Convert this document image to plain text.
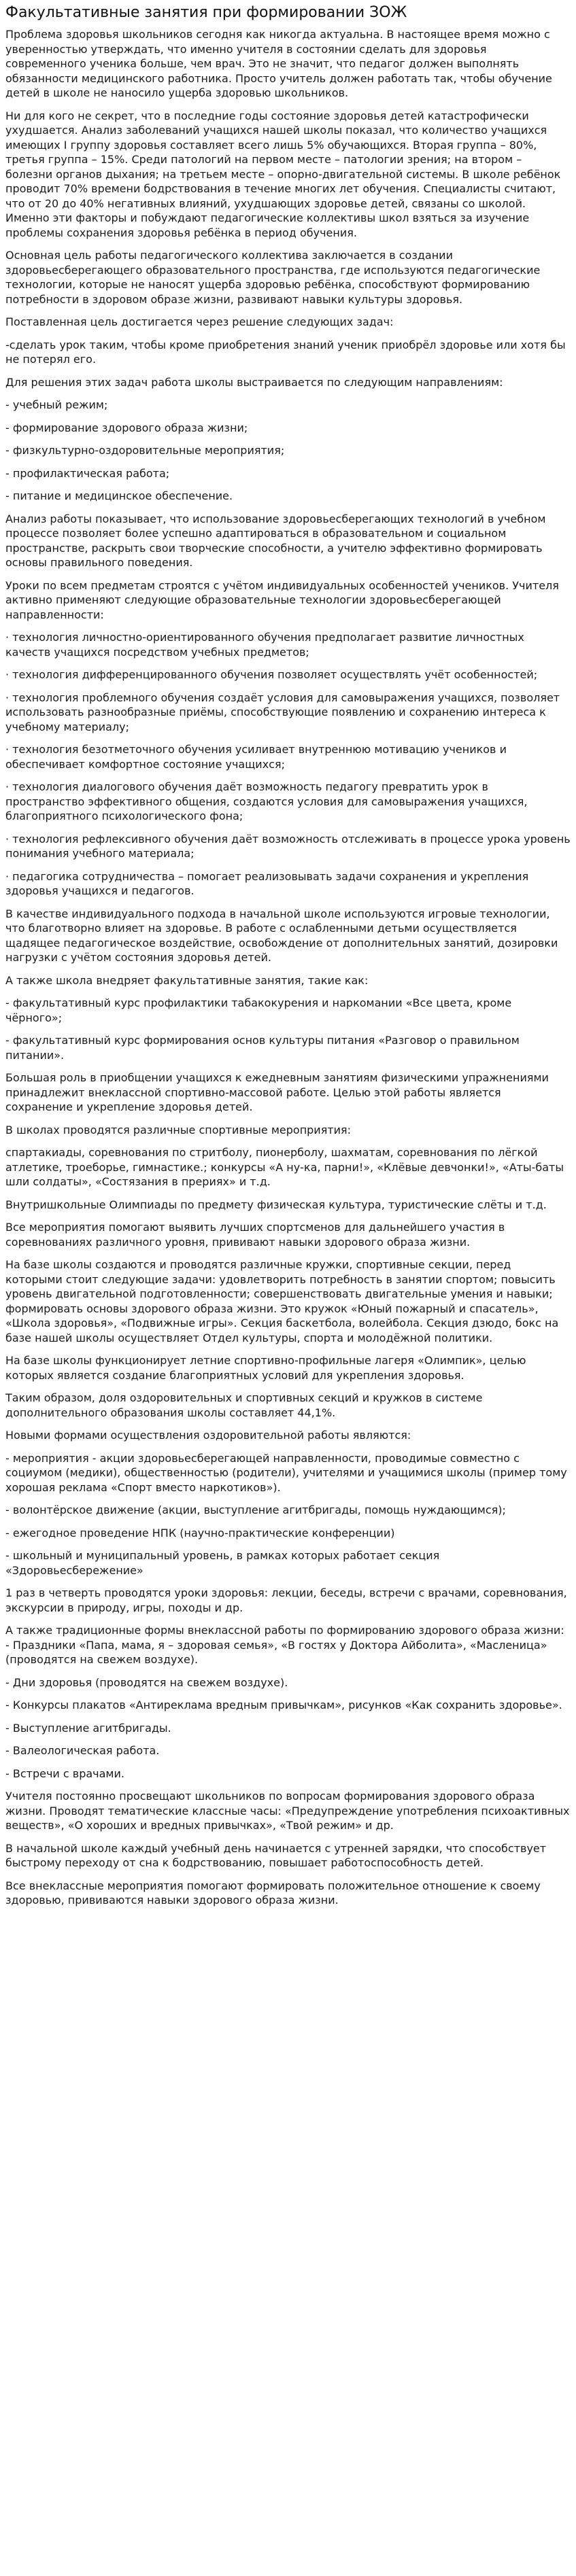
Факультативные занятия при формировании ЗОЖ

Проблема здоровья школьников сегодня как никогда актуальна. В настоящее время можно с уверенностью утверждать, что именно учителя в состоянии сделать для здоровья современного ученика больше, чем врач. Это не значит, что педагог должен выполнять обязанности медицинского работника. Просто учитель должен работать так, чтобы обучение детей в школе не наносило ущерба здоровью школьников.

Ни для кого не секрет, что в последние годы состояние здоровья детей катастрофически ухудшается. Анализ заболеваний учащихся нашей школы показал, что количество учащихся имеющих I группу здоровья составляет всего лишь 5% обучающихся. Вторая группа – 80%, третья группа – 15%. Среди патологий на первом месте – патологии зрения; на втором – болезни органов дыхания; на третьем месте – опорно-двигательной системы. В школе ребёнок проводит 70% времени бодрствования в течение многих лет обучения. Специалисты считают, что от 20 до 40% негативных влияний, ухудшающих здоровье детей, связаны со школой. Именно эти факторы и побуждают педагогические коллективы школ взяться за изучение проблемы сохранения здоровья ребёнка в период обучения.

Основная цель работы педагогического коллектива заключается в создании здоровьесберегающего образовательного пространства, где используются педагогические технологии, которые не наносят ущерба здоровью ребёнка, способствуют формированию потребности в здоровом образе жизни, развивают навыки культуры здоровья.

Поставленная цель достигается через решение следующих задач:

-сделать урок таким, чтобы кроме приобретения знаний ученик приобрёл здоровье или хотя бы не потерял его.

Для решения этих задач работа школы выстраивается по следующим направлениям:

- учебный режим;

- формирование здорового образа жизни;

- физкультурно-оздоровительные мероприятия;

- профилактическая работа;

- питание и медицинское обеспечение.

Анализ работы показывает, что использование здоровьесберегающих технологий в учебном процессе позволяет более успешно адаптироваться в образовательном и социальном пространстве, раскрыть свои творческие способности, а учителю эффективно формировать основы правильного поведения.

Уроки по всем предметам строятся с учётом индивидуальных особенностей учеников. Учителя активно применяют следующие образовательные технологии здоровьесберегающей направленности:

· технология личностно-ориентированного обучения предполагает развитие личностных качеств учащихся посредством учебных предметов;

· технология дифференцированного обучения позволяет осуществлять учёт особенностей;

· технология проблемного обучения создаёт условия для самовыражения учащихся, позволяет использовать разнообразные приёмы, способствующие появлению и сохранению интереса к учебному материалу;

· технология безотметочного обучения усиливает внутреннюю мотивацию учеников и обеспечивает комфортное состояние учащихся;

· технология диалогового обучения даёт возможность педагогу превратить урок в пространство эффективного общения, создаются условия для самовыражения учащихся, благоприятного психологического фона;

· технология рефлексивного обучения даёт возможность отслеживать в процессе урока уровень понимания учебного материала;

· педагогика сотрудничества – помогает реализовывать задачи сохранения и укрепления здоровья учащихся и педагогов.

В качестве индивидуального подхода в начальной школе используются игровые технологии, что благотворно влияет на здоровье. В работе с ослабленными детьми осуществляется щадящее педагогическое воздействие, освобождение от дополнительных занятий, дозировки нагрузки с учётом состояния здоровья детей.

А также школа внедряет факультативные занятия, такие как:

- факультативный курс профилактики табакокурения и наркомании «Все цвета, кроме чёрного»;

- факультативный курс формирования основ культуры питания «Разговор о правильном питании».

Большая роль в приобщении учащихся к ежедневным занятиям физическими упражнениями принадлежит внеклассной спортивно-массовой работе. Целью этой работы является сохранение и укрепление здоровья детей.

В школах проводятся различные спортивные мероприятия:

спартакиады, соревнования по стритболу, пионерболу, шахматам, соревнования по лёгкой атлетике, троеборье, гимнастике.; конкурсы «А ну-ка, парни!», «Клёвые девчонки!», «Аты-баты шли солдаты», «Состязания в прериях» и т.д.

Внутришкольные Олимпиады по предмету физическая культура, туристические слёты и т.д.

Все мероприятия помогают выявить лучших спортсменов для дальнейшего участия в соревнованиях различного уровня, прививают навыки здорового образа жизни.

На базе школы создаются и проводятся различные кружки, спортивные секции, перед которыми стоит следующие задачи: удовлетворить потребность в занятии спортом; повысить уровень двигательной подготовленности; совершенствовать двигательные умения и навыки; формировать основы здорового образа жизни. Это кружок «Юный пожарный и спасатель», «Школа здоровья», «Подвижные игры». Секция баскетбола, волейбола. Секция дзюдо, бокс на базе нашей школы осуществляет Отдел культуры, спорта и молодёжной политики.

На базе школы функционирует летние спортивно-профильные лагеря «Олимпик», целью которых является создание благоприятных условий для укрепления здоровья.

Таким образом, доля оздоровительных и спортивных секций и кружков в системе дополнительного образования школы составляет 44,1%.

Новыми формами осуществления оздоровительной работы являются:

- мероприятия - акции здоровьесберегающей направленности, проводимые совместно с социумом (медики), общественностью (родители), учителями и учащимися школы (пример тому хорошая реклама «Спорт вместо наркотиков»).

- волонтёрское движение (акции, выступление агитбригады, помощь нуждающимся);

- ежегодное проведение НПК (научно-практические конференции)

- школьный и муниципальный уровень, в рамках которых работает секция «Здоровьесбережение»

1 раз в четверть проводятся уроки здоровья: лекции, беседы, встречи с врачами, соревнования, экскурсии в природу, игры, походы и др.

А также традиционные формы внеклассной работы по формированию здорового образа жизни: - Праздники «Папа, мама, я – здоровая семья», «В гостях у Доктора Айболита», «Масленица» (проводятся на свежем воздухе).

- Дни здоровья (проводятся на свежем воздухе).

- Конкурсы плакатов «Антиреклама вредным привычкам», рисунков «Как сохранить здоровье».

- Выступление агитбригады.

- Валеологическая работа.

- Встречи с врачами.

Учителя постоянно просвещают школьников по вопросам формирования здорового образа жизни. Проводят тематические классные часы: «Предупреждение употребления психоактивных веществ», «О хороших и вредных привычках», «Твой режим» и др.

В начальной школе каждый учебный день начинается с утренней зарядки, что способствует быстрому переходу от сна к бодрствованию, повышает работоспособность детей.

Все внеклассные мероприятия помогают формировать положительное отношение к своему здоровью, прививаются навыки здорового образа жизни.
